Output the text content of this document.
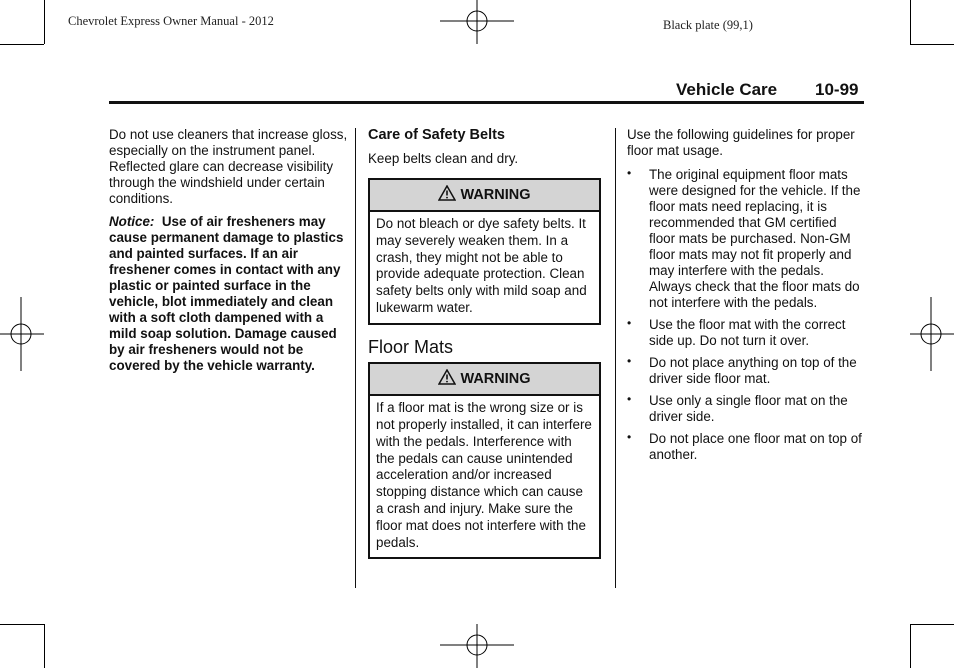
Chevrolet Express Owner Manual - 2012	Black plate (99,1)
Vehicle Care 10-99

Do not use cleaners that increase gloss, especially on the instrument panel. Reflected glare can decrease visibility through the windshield under certain conditions.

Notice: Use of air fresheners may cause permanent damage to plastics and painted surfaces. If an air freshener comes in contact with any plastic or painted surface in the vehicle, blot immediately and clean with a soft cloth dampened with a mild soap solution. Damage caused by air fresheners would not be covered by the vehicle warranty.

Care of Safety Belts
Keep belts clean and dry.
WARNING
Do not bleach or dye safety belts. It may severely weaken them. In a crash, they might not be able to provide adequate protection. Clean safety belts only with mild soap and lukewarm water.
Floor Mats
WARNING
If a floor mat is the wrong size or is not properly installed, it can interfere with the pedals. Interference with the pedals can cause unintended acceleration and/or increased stopping distance which can cause a crash and injury. Make sure the floor mat does not interfere with the pedals.
Use the following guidelines for proper floor mat usage.
• The original equipment floor mats were designed for the vehicle. If the floor mats need replacing, it is recommended that GM certified floor mats be purchased. Non-GM floor mats may not fit properly and may interfere with the pedals. Always check that the floor mats do not interfere with the pedals.
• Use the floor mat with the correct side up. Do not turn it over.
• Do not place anything on top of the driver side floor mat.
• Use only a single floor mat on the driver side.
• Do not place one floor mat on top of another.
